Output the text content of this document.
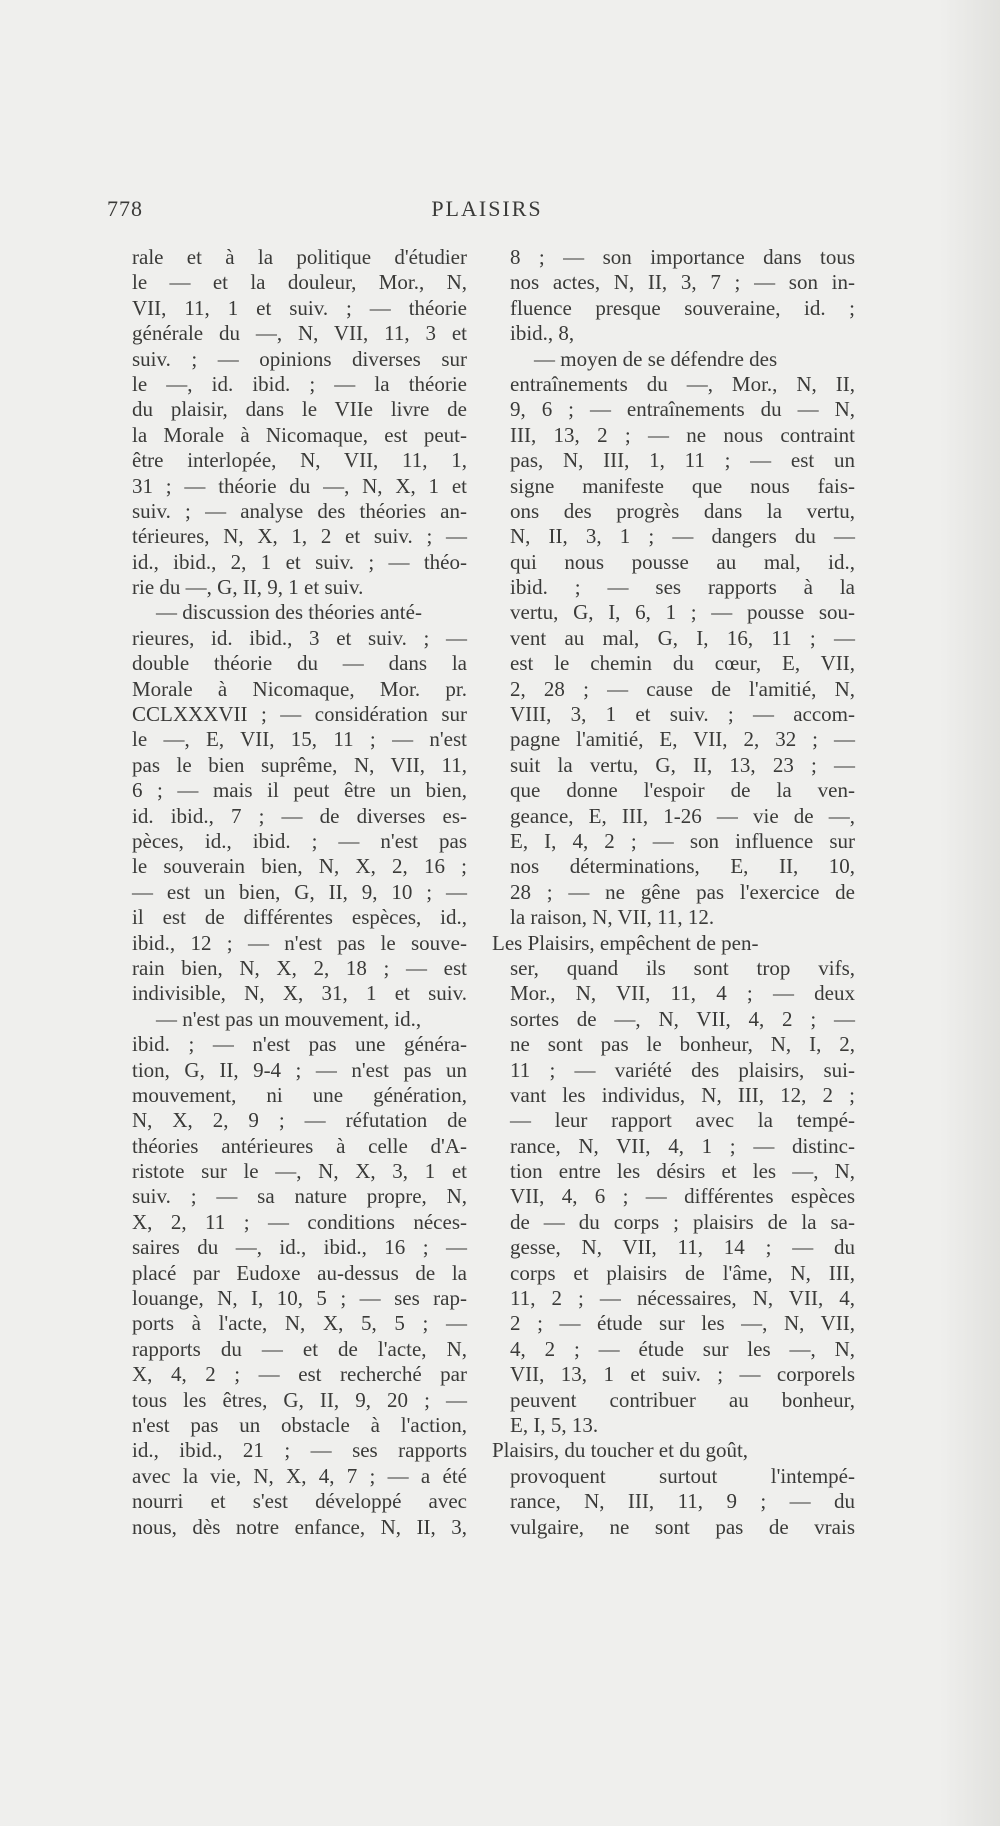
778	PLAISIRS
rale et à la politique d'étudier
le — et la douleur, Mor., N,
VII, 11, 1 et suiv. ; — théorie
générale du —, N, VII, 11, 3 et
suiv. ; — opinions diverses sur
le —, id. ibid. ; — la théorie
du plaisir, dans le VIIe livre de
la Morale à Nicomaque, est peut-
être interlopée, N, VII, 11, 1,
31 ; — théorie du —, N, X, 1 et
suiv. ; — analyse des théories an-
térieures, N, X, 1, 2 et suiv. ; —
id., ibid., 2, 1 et suiv. ; — théo-
rie du —, G, II, 9, 1 et suiv.
— discussion des théories anté-
rieures, id. ibid., 3 et suiv. ; —
double théorie du — dans la
Morale à Nicomaque, Mor. pr.
CCLXXXVII ; — considération sur
le —, E, VII, 15, 11 ; — n'est
pas le bien suprême, N, VII, 11,
6 ; — mais il peut être un bien,
id. ibid., 7 ; — de diverses es-
pèces, id., ibid. ; — n'est pas
le souverain bien, N, X, 2, 16 ;
— est un bien, G, II, 9, 10 ; —
il est de différentes espèces, id.,
ibid., 12 ; — n'est pas le souve-
rain bien, N, X, 2, 18 ; — est
indivisible, N, X, 31, 1 et suiv.
— n'est pas un mouvement, id.,
ibid. ; — n'est pas une généra-
tion, G, II, 9-4 ; — n'est pas un
mouvement, ni une génération,
N, X, 2, 9 ; — réfutation de
théories antérieures à celle d'A-
ristote sur le —, N, X, 3, 1 et
suiv. ; — sa nature propre, N,
X, 2, 11 ; — conditions néces-
saires du —, id., ibid., 16 ; —
placé par Eudoxe au-dessus de la
louange, N, I, 10, 5 ; — ses rap-
ports à l'acte, N, X, 5, 5 ; —
rapports du — et de l'acte, N,
X, 4, 2 ; — est recherché par
tous les êtres, G, II, 9, 20 ; —
n'est pas un obstacle à l'action,
id., ibid., 21 ; — ses rapports
avec la vie, N, X, 4, 7 ; — a été
nourri et s'est développé avec
nous, dès notre enfance, N, II, 3,
8 ; — son importance dans tous
nos actes, N, II, 3, 7 ; — son in-
fluence presque souveraine, id. ;
ibid., 8,
— moyen de se défendre des
entraînements du —, Mor., N, II,
9, 6 ; — entraînements du — N,
III, 13, 2 ; — ne nous contraint
pas, N, III, 1, 11 ; — est un
signe manifeste que nous fais-
ons des progrès dans la vertu,
N, II, 3, 1 ; — dangers du —
qui nous pousse au mal, id.,
ibid. ; — ses rapports à la
vertu, G, I, 6, 1 ; — pousse sou-
vent au mal, G, I, 16, 11 ; —
est le chemin du cœur, E, VII,
2, 28 ; — cause de l'amitié, N,
VIII, 3, 1 et suiv. ; — accom-
pagne l'amitié, E, VII, 2, 32 ; —
suit la vertu, G, II, 13, 23 ; —
que donne l'espoir de la ven-
geance, E, III, 1-26 — vie de —,
E, I, 4, 2 ; — son influence sur
nos déterminations, E, II, 10,
28 ; — ne gêne pas l'exercice de
la raison, N, VII, 11, 12.
Les Plaisirs, empêchent de pen-
ser, quand ils sont trop vifs,
Mor., N, VII, 11, 4 ; — deux
sortes de —, N, VII, 4, 2 ; —
ne sont pas le bonheur, N, I, 2,
11 ; — variété des plaisirs, sui-
vant les individus, N, III, 12, 2 ;
— leur rapport avec la tempé-
rance, N, VII, 4, 1 ; — distinc-
tion entre les désirs et les —, N,
VII, 4, 6 ; — différentes espèces
de — du corps ; plaisirs de la sa-
gesse, N, VII, 11, 14 ; — du
corps et plaisirs de l'âme, N, III,
11, 2 ; — nécessaires, N, VII, 4,
2 ; — étude sur les —, N, VII,
4, 2 ; — étude sur les —, N,
VII, 13, 1 et suiv. ; — corporels
peuvent contribuer au bonheur,
E, I, 5, 13.
Plaisirs, du toucher et du goût,
provoquent surtout l'intempé-
rance, N, III, 11, 9 ; — du
vulgaire, ne sont pas de vrais
